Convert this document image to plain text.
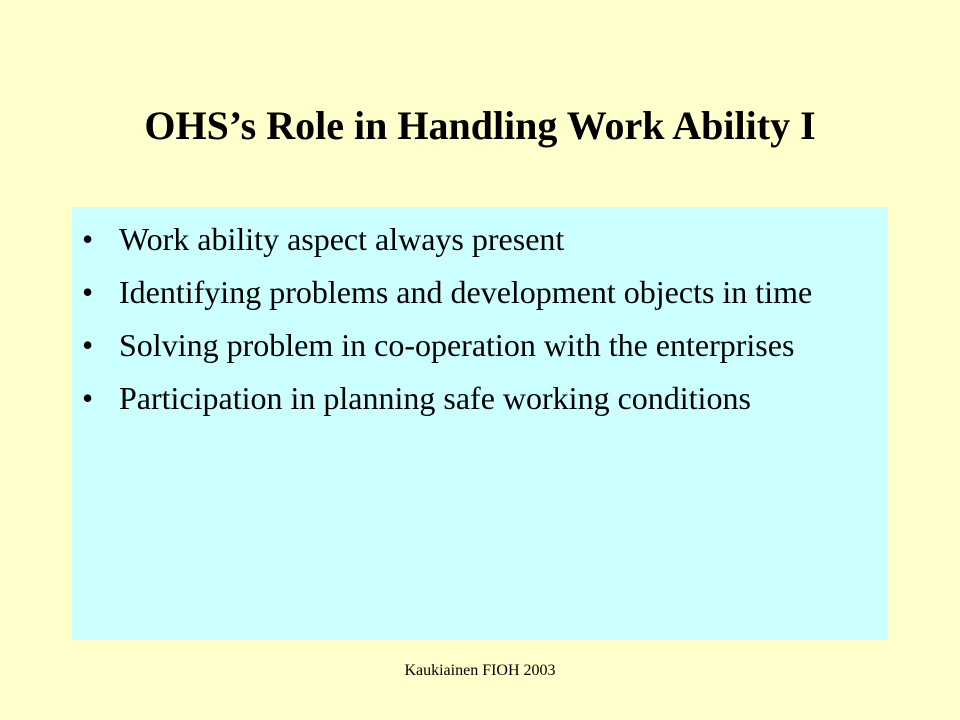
OHS’s Role in Handling Work Ability I
• Work ability aspect always present
• Identifying problems and development objects in time
• Solving problem in co-operation with the enterprises
• Participation in planning safe working conditions
Kaukiainen FIOH 2003
